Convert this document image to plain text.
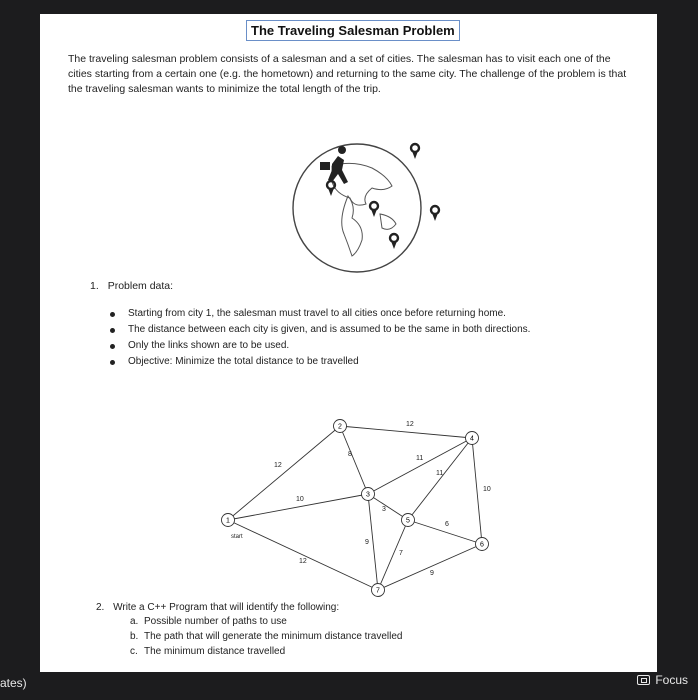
The Traveling Salesman Problem
The traveling salesman problem consists of a salesman and a set of cities. The salesman has to visit each one of the cities starting from a certain one (e.g. the hometown) and returning to the same city. The challenge of the problem is that the traveling salesman wants to minimize the total length of the trip.
1. Problem data:
Starting from city 1, the salesman must travel to all cities once before returning home.
The distance between each city is given, and is assumed to be the same in both directions.
Only the links shown are to be used.
Objective: Minimize the total distance to be travelled
12
12
10
8
11
11
10
3
6
9
7
12
9
1
2
3
4
5
6
7
start
2. Write a C++ Program that will identify the following:
a. Possible number of paths to use
b. The path that will generate the minimum distance travelled
c. The minimum distance travelled
ates)	Focus
